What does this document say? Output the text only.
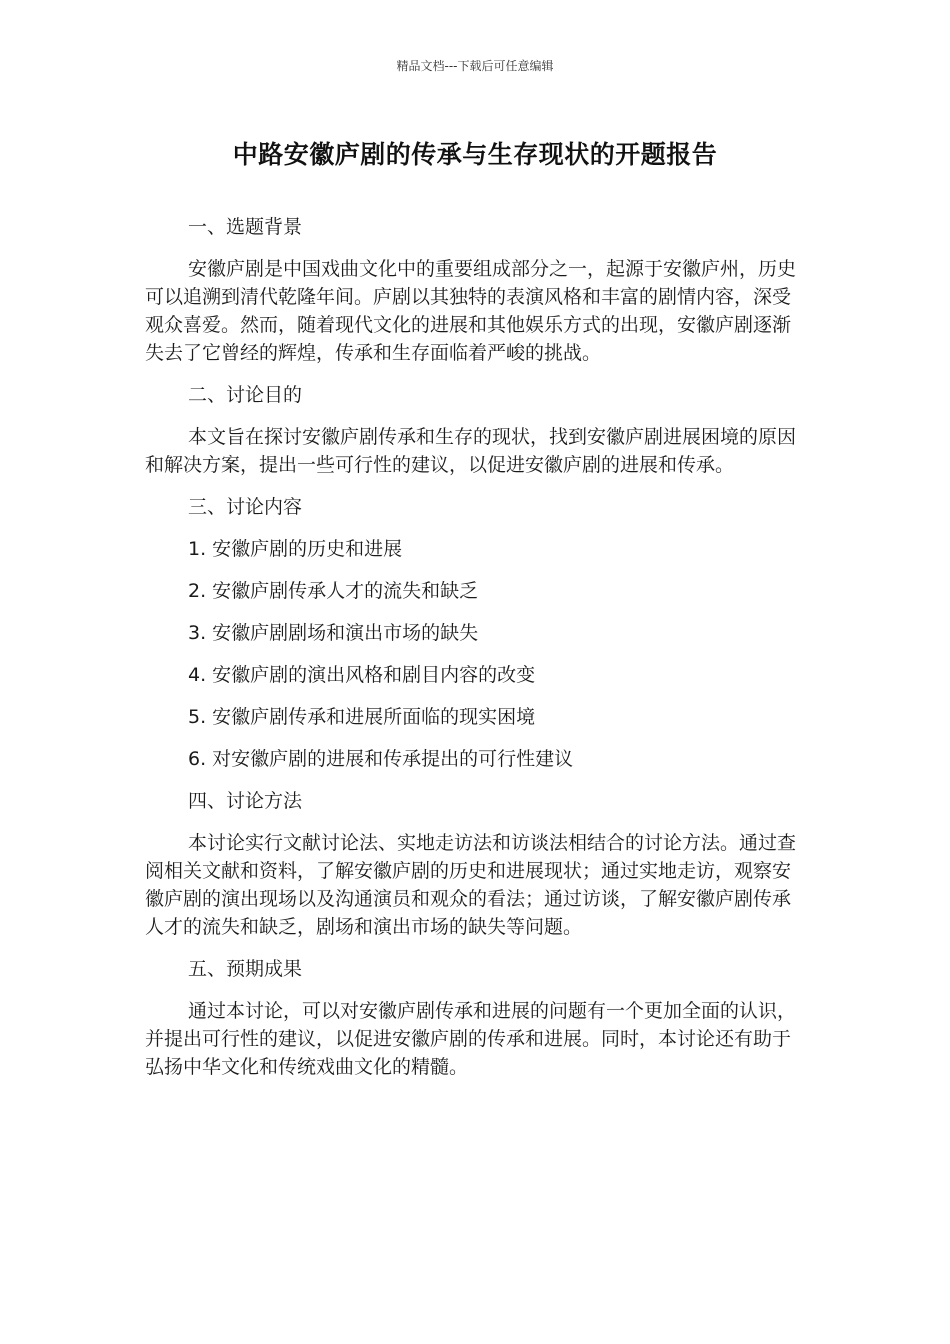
精品文档---下载后可任意编辑
中路安徽庐剧的传承与生存现状的开题报告
一、选题背景
安徽庐剧是中国戏曲文化中的重要组成部分之一，起源于安徽庐州，历史可以追溯到清代乾隆年间。庐剧以其独特的表演风格和丰富的剧情内容，深受观众喜爱。然而，随着现代文化的进展和其他娱乐方式的出现，安徽庐剧逐渐失去了它曾经的辉煌，传承和生存面临着严峻的挑战。
二、讨论目的
本文旨在探讨安徽庐剧传承和生存的现状，找到安徽庐剧进展困境的原因和解决方案，提出一些可行性的建议，以促进安徽庐剧的进展和传承。
三、讨论内容
1. 安徽庐剧的历史和进展
2. 安徽庐剧传承人才的流失和缺乏
3. 安徽庐剧剧场和演出市场的缺失
4. 安徽庐剧的演出风格和剧目内容的改变
5. 安徽庐剧传承和进展所面临的现实困境
6. 对安徽庐剧的进展和传承提出的可行性建议
四、讨论方法
本讨论实行文献讨论法、实地走访法和访谈法相结合的讨论方法。通过查阅相关文献和资料，了解安徽庐剧的历史和进展现状；通过实地走访，观察安徽庐剧的演出现场以及沟通演员和观众的看法；通过访谈，了解安徽庐剧传承人才的流失和缺乏，剧场和演出市场的缺失等问题。
五、预期成果
通过本讨论，可以对安徽庐剧传承和进展的问题有一个更加全面的认识，并提出可行性的建议，以促进安徽庐剧的传承和进展。同时，本讨论还有助于弘扬中华文化和传统戏曲文化的精髓。
